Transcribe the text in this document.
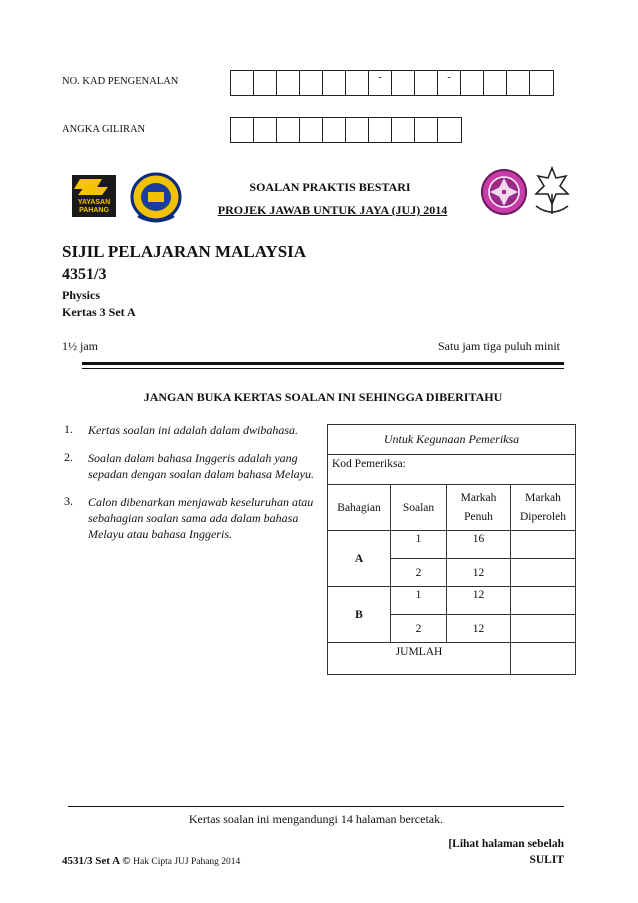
NO. KAD PENGENALAN	-	-
ANGKA GILIRAN
YAYASAN
PAHANG
SOALAN PRAKTIS BESTARI
PROJEK JAWAB UNTUK JAYA (JUJ) 2014
SIJIL PELAJARAN MALAYSIA
4351/3
Physics
Kertas 3 Set A
1½ jam	Satu jam tiga puluh minit
JANGAN BUKA KERTAS SOALAN INI SEHINGGA DIBERITAHU
1.	Kertas soalan ini adalah dalam dwibahasa.
2.	Soalan dalam bahasa Inggeris adalah yang sepadan dengan soalan dalam bahasa Melayu.
3.	Calon dibenarkan menjawab keseluruhan atau sebahagian soalan sama ada dalam bahasa Melayu atau bahasa Inggeris.
Untuk Kegunaan Pemeriksa			
Kod Pemeriksa:			
Bahagian	Soalan	Markah Penuh	Markah Diperoleh
A	1	16	
	2	12	
B	1	12	
	2	12	
JUMLAH			
Kertas soalan ini mengandungi 14 halaman bercetak.
[Lihat halaman sebelah
4531/3 Set A © Hak Cipta JUJ Pahang 2014	SULIT
